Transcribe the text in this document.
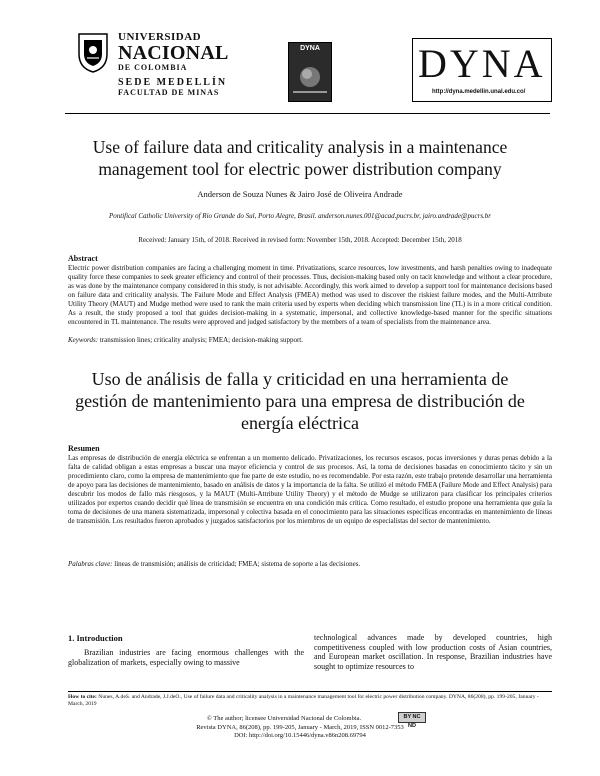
UNIVERSIDAD
NACIONAL
DE COLOMBIA
SEDE MEDELLÍN
FACULTAD DE MINAS
DYNA DYNA
http://dyna.medellin.unal.edu.co/
Use of failure data and criticality analysis in a maintenance management tool for electric power distribution company
Anderson de Souza Nunes & Jairo José de Oliveira Andrade
Pontifical Catholic University of Rio Grande do Sul, Porto Alegre, Brasil. anderson.nunes.001@acad.pucrs.br, jairo.andrade@pucrs.br
Received: January 15th, of 2018. Received in revised form: November 15th, 2018. Accepted: December 15th, 2018
Abstract
Electric power distribution companies are facing a challenging moment in time. Privatizations, scarce resources, low investments, and harsh penalties owing to inadequate quality force these companies to seek greater efficiency and control of their processes. Thus, decision-making based only on tacit knowledge and without a clear procedure, as was done by the maintenance company considered in this study, is not advisable. Accordingly, this work aimed to develop a support tool for maintenance decisions based on failure data and criticality analysis. The Failure Mode and Effect Analysis (FMEA) method was used to discover the riskiest failure modes, and the Multi-Attribute Utility Theory (MAUT) and Mudge method were used to rank the main criteria used by experts when deciding which transmission line (TL) is in a more critical condition. As a result, the study proposed a tool that guides decision-making in a systematic, impersonal, and collective knowledge-based manner for the specific situations encountered in TL maintenance. The results were approved and judged satisfactory by the members of a team of specialists from the maintenance area.
Keywords: transmission lines; criticality analysis; FMEA; decision-making support.
Uso de análisis de falla y criticidad en una herramienta de gestión de mantenimiento para una empresa de distribución de energía eléctrica
Resumen
Las empresas de distribución de energía eléctrica se enfrentan a un momento delicado. Privatizaciones, los recursos escasos, pocas inversiones y duras penas debido a la falta de calidad obligan a estas empresas a buscar una mayor eficiencia y control de sus procesos. Así, la toma de decisiones basadas en conocimiento tácito y sin un procedimiento claro, como la empresa de mantenimiento que fue parte de este estudio, no es recomendable. Por esta razón, este trabajo pretende desarrollar una herramienta de apoyo para las decisiones de mantenimiento, basado en análisis de datos y la importancia de la falta. Se utilizó el método FMEA (Failure Mode and Effect Analysis) para descubrir los modos de fallo más riesgosos, y la MAUT (Multi-Attribute Utility Theory) y el método de Mudge se utilizaron para clasificar los principales criterios utilizados por expertos cuando decidir qué línea de transmisión se encuentra en una condición más crítica. Como resultado, el estudio propone una herramienta que guía la toma de decisiones de una manera sistematizada, impersonal y colectiva basada en el conocimiento para las situaciones específicas encontradas en mantenimiento de líneas de transmisión. Los resultados fueron aprobados y juzgados satisfactorios por los miembros de un equipo de especialistas del sector de mantenimiento.
Palabras clave: líneas de transmisión; análisis de criticidad; FMEA; sistema de soporte a las decisiones.
1. Introduction
Brazilian industries are facing enormous challenges with the globalization of markets, especially owing to massive
technological advances made by developed countries, high competitiveness coupled with low production costs of Asian countries, and European market oscillation. In response, Brazilian industries have sought to optimize resources to
How to cite: Nunes, A.deS. and Andrade, J.J.deO., Use of failure data and criticality analysis in a maintenance management tool for electric power distribution company. DYNA, 86(208), pp. 199-205, January - March, 2019
© The author; licensee Universidad Nacional de Colombia.
Revista DYNA, 86(208), pp. 199-205, January - March, 2019, ISSN 0012-7353
DOI: http://doi.org/10.15446/dyna.v86n208.69794
BY NC ND
